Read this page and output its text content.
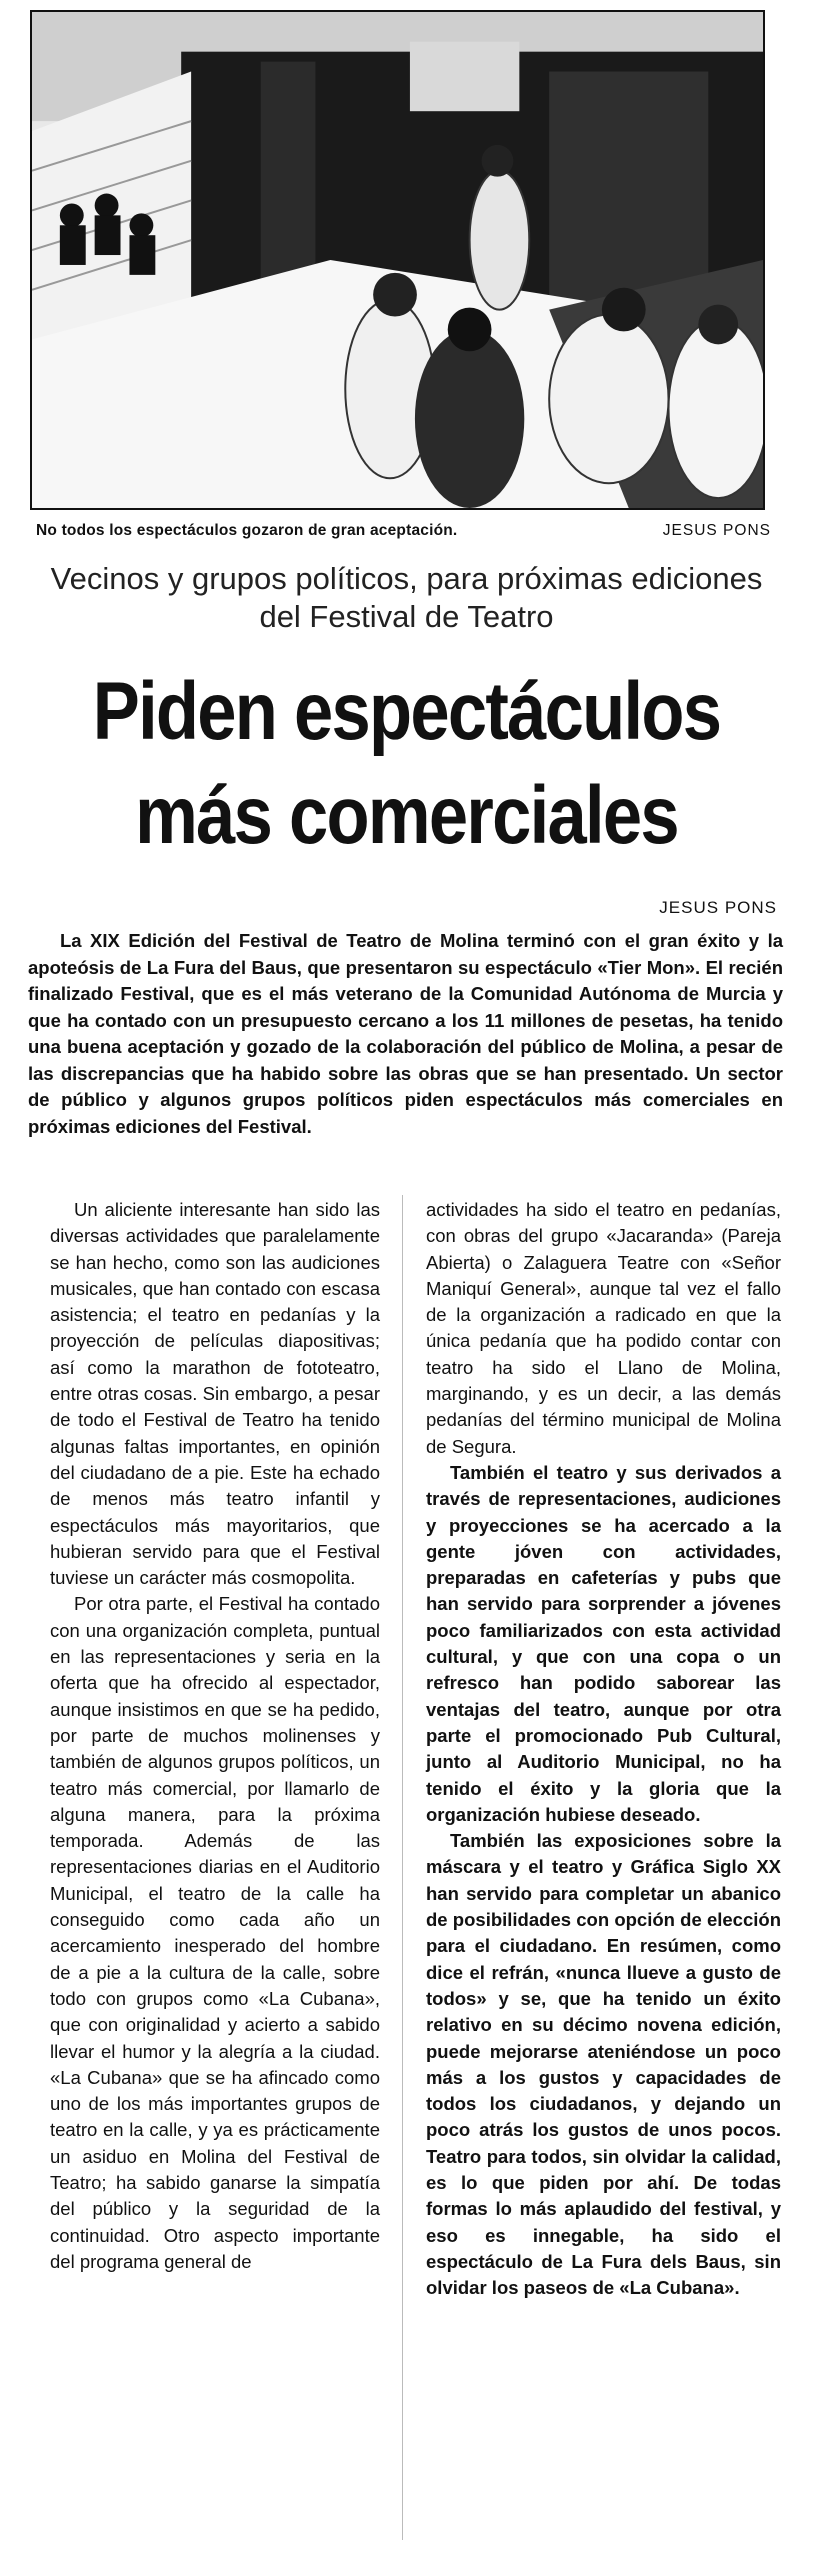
No todos los espectáculos gozaron de gran aceptación.	JESUS PONS
Vecinos y grupos políticos, para próximas ediciones del Festival de Teatro
Piden espectáculos más comerciales
JESUS PONS
La XIX Edición del Festival de Teatro de Molina terminó con el gran éxito y la apoteósis de La Fura del Baus, que presentaron su espectáculo «Tier Mon». El recién finalizado Festival, que es el más veterano de la Comunidad Autónoma de Murcia y que ha contado con un presupuesto cercano a los 11 millones de pesetas, ha tenido una buena aceptación y gozado de la colaboración del público de Molina, a pesar de las discrepancias que ha habido sobre las obras que se han presentado. Un sector de público y algunos grupos políticos piden espectáculos más comerciales en próximas ediciones del Festival.

Un aliciente interesante han sido las diversas actividades que paralelamente se han hecho, como son las audiciones musicales, que han contado con escasa asistencia; el teatro en pedanías y la proyección de películas diapositivas; así como la marathon de fototeatro, entre otras cosas. Sin embargo, a pesar de todo el Festival de Teatro ha tenido algunas faltas importantes, en opinión del ciudadano de a pie. Este ha echado de menos más teatro infantil y espectáculos más mayoritarios, que hubieran servido para que el Festival tuviese un carácter más cosmopolita.

Por otra parte, el Festival ha contado con una organización completa, puntual en las representaciones y seria en la oferta que ha ofrecido al espectador, aunque insistimos en que se ha pedido, por parte de muchos molinenses y también de algunos grupos políticos, un teatro más comercial, por llamarlo de alguna manera, para la próxima temporada. Además de las representaciones diarias en el Auditorio Municipal, el teatro de la calle ha conseguido como cada año un acercamiento inesperado del hombre de a pie a la cultura de la calle, sobre todo con grupos como «La Cubana», que con originalidad y acierto a sabido llevar el humor y la alegría a la ciudad. «La Cubana» que se ha afincado como uno de los más importantes grupos de teatro en la calle, y ya es prácticamente un asiduo en Molina del Festival de Teatro; ha sabido ganarse la simpatía del público y la seguridad de la continuidad. Otro aspecto importante del programa general de

actividades ha sido el teatro en pedanías, con obras del grupo «Jacaranda» (Pareja Abierta) o Zalaguera Teatre con «Señor Maniquí General», aunque tal vez el fallo de la organización a radicado en que la única pedanía que ha podido contar con teatro ha sido el Llano de Molina, marginando, y es un decir, a las demás pedanías del término municipal de Molina de Segura.

También el teatro y sus derivados a través de representaciones, audiciones y proyecciones se ha acercado a la gente jóven con actividades, preparadas en cafeterías y pubs que han servido para sorprender a jóvenes poco familiarizados con esta actividad cultural, y que con una copa o un refresco han podido saborear las ventajas del teatro, aunque por otra parte el promocionado Pub Cultural, junto al Auditorio Municipal, no ha tenido el éxito y la gloria que la organización hubiese deseado.

También las exposiciones sobre la máscara y el teatro y Gráfica Siglo XX han servido para completar un abanico de posibilidades con opción de elección para el ciudadano. En resúmen, como dice el refrán, «nunca llueve a gusto de todos» y se, que ha tenido un éxito relativo en su décimo novena edición, puede mejorarse ateniéndose un poco más a los gustos y capacidades de todos los ciudadanos, y dejando un poco atrás los gustos de unos pocos. Teatro para todos, sin olvidar la calidad, es lo que piden por ahí. De todas formas lo más aplaudido del festival, y eso es innegable, ha sido el espectáculo de La Fura dels Baus, sin olvidar los paseos de «La Cubana».
